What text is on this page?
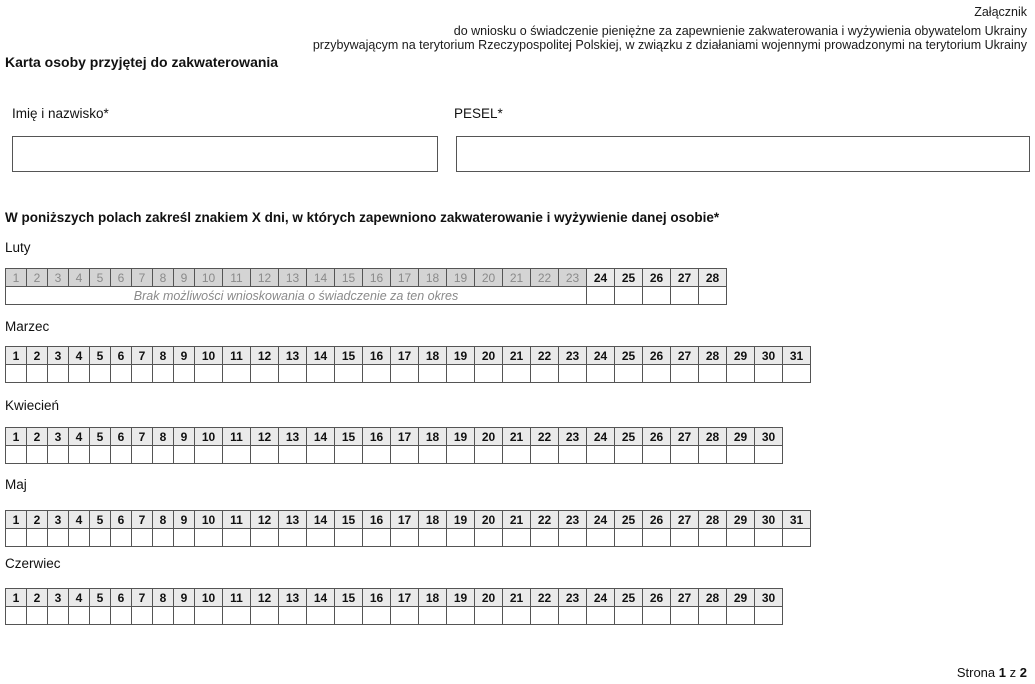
Załącznik
do wniosku o świadczenie pieniężne za zapewnienie zakwaterowania i wyżywienia obywatelom Ukrainy
przybywającym na terytorium Rzeczypospolitej Polskiej, w związku z działaniami wojennymi prowadzonymi na terytorium Ukrainy
Karta osoby przyjętej do zakwaterowania
Imię i nazwisko*	PESEL*
W poniższych polach zakreśl znakiem X dni, w których zapewniono zakwaterowanie i wyżywienie danej osobie*
Luty
1	2	3	4	5	6	7	8	9	10	11	12	13	14	15	16	17	18	19	20	21	22	23	24	25	26	27	28
Brak możliwości wnioskowania o świadczenie za ten okres																											
Marzec
1	2	3	4	5	6	7	8	9	10	11	12	13	14	15	16	17	18	19	20	21	22	23	24	25	26	27	28	29	30	31

Kwiecień
1	2	3	4	5	6	7	8	9	10	11	12	13	14	15	16	17	18	19	20	21	22	23	24	25	26	27	28	29	30

Maj
1	2	3	4	5	6	7	8	9	10	11	12	13	14	15	16	17	18	19	20	21	22	23	24	25	26	27	28	29	30	31

Czerwiec
1	2	3	4	5	6	7	8	9	10	11	12	13	14	15	16	17	18	19	20	21	22	23	24	25	26	27	28	29	30

Strona 1 z 2
